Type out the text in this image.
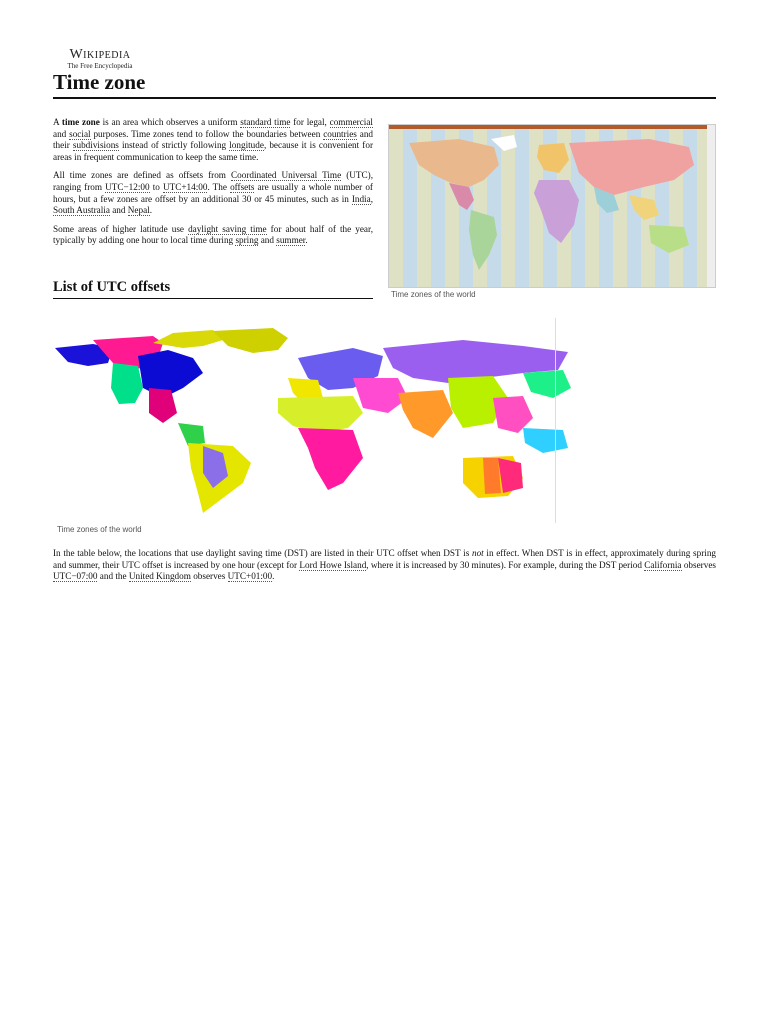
Wikipedia
The Free Encyclopedia
Time zone

A time zone is an area which observes a uniform standard time for legal, commercial and social purposes. Time zones tend to follow the boundaries between countries and their subdivisions instead of strictly following longitude, because it is convenient for areas in frequent communication to keep the same time.

All time zones are defined as offsets from Coordinated Universal Time (UTC), ranging from UTC−12:00 to UTC+14:00. The offsets are usually a whole number of hours, but a few zones are offset by an additional 30 or 45 minutes, such as in India, South Australia and Nepal.

Some areas of higher latitude use daylight saving time for about half of the year, typically by adding one hour to local time during spring and summer.

List of UTC offsets	Time zones of the world
Time zones of the world
In the table below, the locations that use daylight saving time (DST) are listed in their UTC offset when DST is not in effect. When DST is in effect, approximately during spring and summer, their UTC offset is increased by one hour (except for Lord Howe Island, where it is increased by 30 minutes). For example, during the DST period California observes UTC−07:00 and the United Kingdom observes UTC+01:00.
